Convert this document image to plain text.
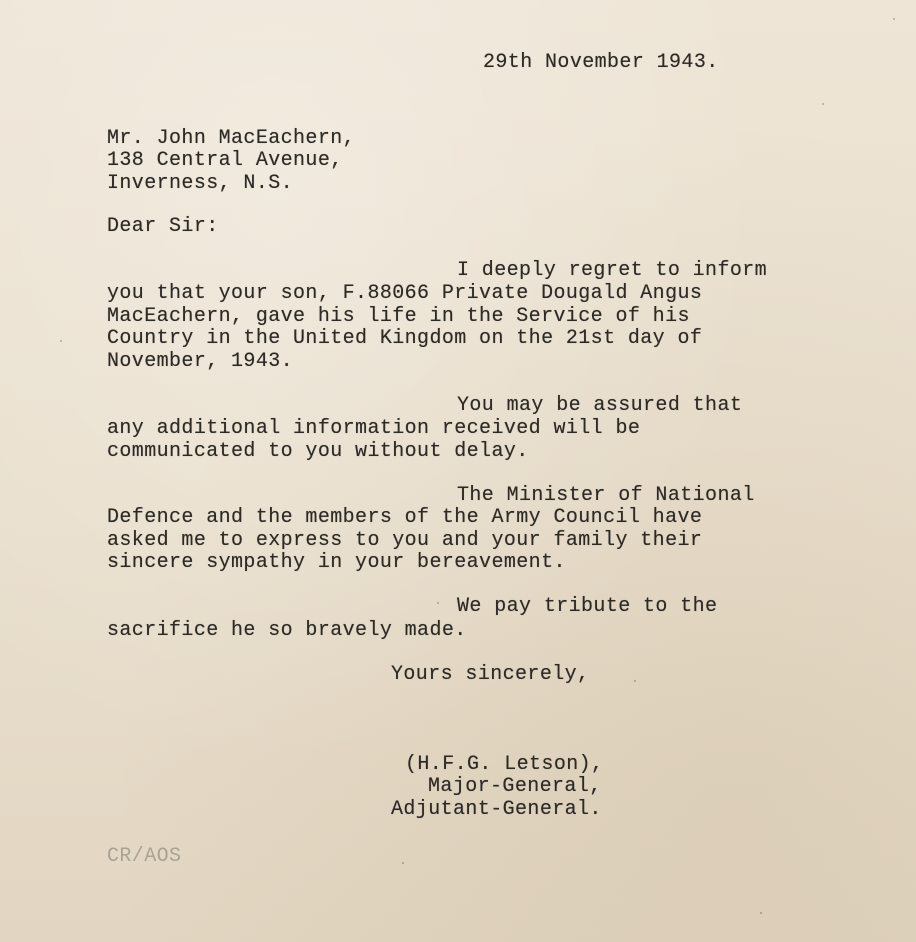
29th November 1943.
Mr. John MacEachern,
138 Central Avenue,
Inverness, N.S.
Dear Sir:
I deeply regret to inform
you that your son, F.88066 Private Dougald Angus
MacEachern, gave his life in the Service of his
Country in the United Kingdom on the 21st day of
November, 1943.
You may be assured that
any additional information received will be
communicated to you without delay.
The Minister of National
Defence and the members of the Army Council have
asked me to express to you and your family their
sincere sympathy in your bereavement.
We pay tribute to the
sacrifice he so bravely made.
Yours sincerely,
(H.F.G. Letson),
Major-General,
Adjutant-General.
CR/AOS
